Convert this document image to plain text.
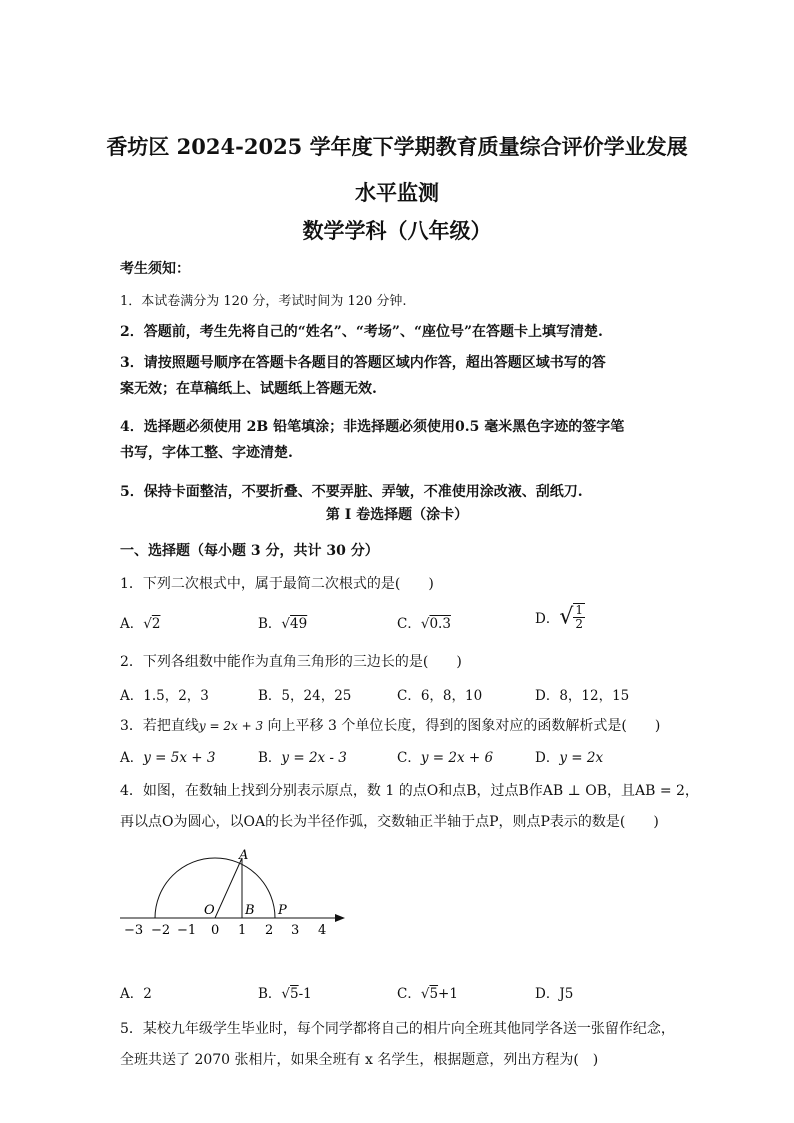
香坊区 2024-2025 学年度下学期教育质量综合评价学业发展
水平监测
数学学科（八年级）
考生须知：
1．本试卷满分为 120 分，考试时间为 120 分钟.
2．答题前，考生先将自己的“姓名”、“考场”、“座位号”在答题卡上填写清楚.
3．请按照题号顺序在答题卡各题目的答题区域内作答，超出答题区域书写的答
案无效；在草稿纸上、试题纸上答题无效.
4．选择题必须使用 2B 铅笔填涂；非选择题必须使用0.5 毫米黑色字迹的签字笔
书写，字体工整、字迹清楚.
5．保持卡面整洁，不要折叠、不要弄脏、弄皱，不准使用涂改液、刮纸刀.
第 I 卷选择题（涂卡）
一、选择题（每小题 3 分，共计 30 分）
1．下列二次根式中，属于最简二次根式的是(　　)
A．√2	B．√49	C．√0.3	D．√ $\frac{1}{2}$
2．下列各组数中能作为直角三角形的三边长的是(　　)
A．1.5，2，3	B．5，24，25	C．6，8，10	D．8，12，15
3．若把直线y = 2x + 3 向上平移 3 个单位长度，得到的图象对应的函数解析式是(　　)
A．y = 5x + 3	B．y = 2x - 3	C．y = 2x + 6	D．y = 2x
4．如图，在数轴上找到分别表示原点，数 1 的点O和点B，过点B作AB ⊥ OB，且AB = 2，
再以点O为圆心，以OA的长为半径作弧，交数轴正半轴于点P，则点P表示的数是(　　)
A
O B P
−3 −2 −1 0 1 2 3 4
A．2	B．√5-1	C．√5+1	D．J5
5．某校九年级学生毕业时，每个同学都将自己的相片向全班其他同学各送一张留作纪念，
全班共送了 2070 张相片，如果全班有 x 名学生，根据题意，列出方程为(　)
